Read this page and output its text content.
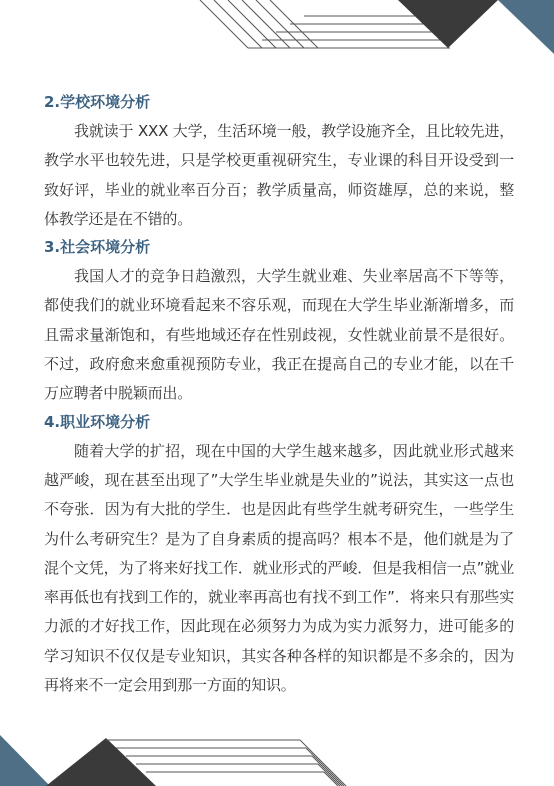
2.学校环境分析

我就读于 XXX 大学，生活环境一般，教学设施齐全，且比较先进，教学水平也较先进，只是学校更重视研究生，专业课的科目开设受到一致好评，毕业的就业率百分百；教学质量高，师资雄厚，总的来说，整体教学还是在不错的。

3.社会环境分析

我国人才的竞争日趋激烈，大学生就业难、失业率居高不下等等，都使我们的就业环境看起来不容乐观，而现在大学生毕业渐渐增多，而且需求量渐饱和，有些地域还存在性别歧视，女性就业前景不是很好。不过，政府愈来愈重视预防专业，我正在提高自己的专业才能，以在千万应聘者中脱颖而出。

4.职业环境分析

随着大学的扩招，现在中国的大学生越来越多，因此就业形式越来越严峻，现在甚至出现了”大学生毕业就是失业的”说法，其实这一点也不夸张．因为有大批的学生．也是因此有些学生就考研究生，一些学生为什么考研究生？是为了自身素质的提高吗？根本不是，他们就是为了混个文凭，为了将来好找工作．就业形式的严峻．但是我相信一点”就业率再低也有找到工作的，就业率再高也有找不到工作”．将来只有那些实力派的才好找工作，因此现在必须努力为成为实力派努力，进可能多的学习知识不仅仅是专业知识，其实各种各样的知识都是不多余的，因为再将来不一定会用到那一方面的知识。
